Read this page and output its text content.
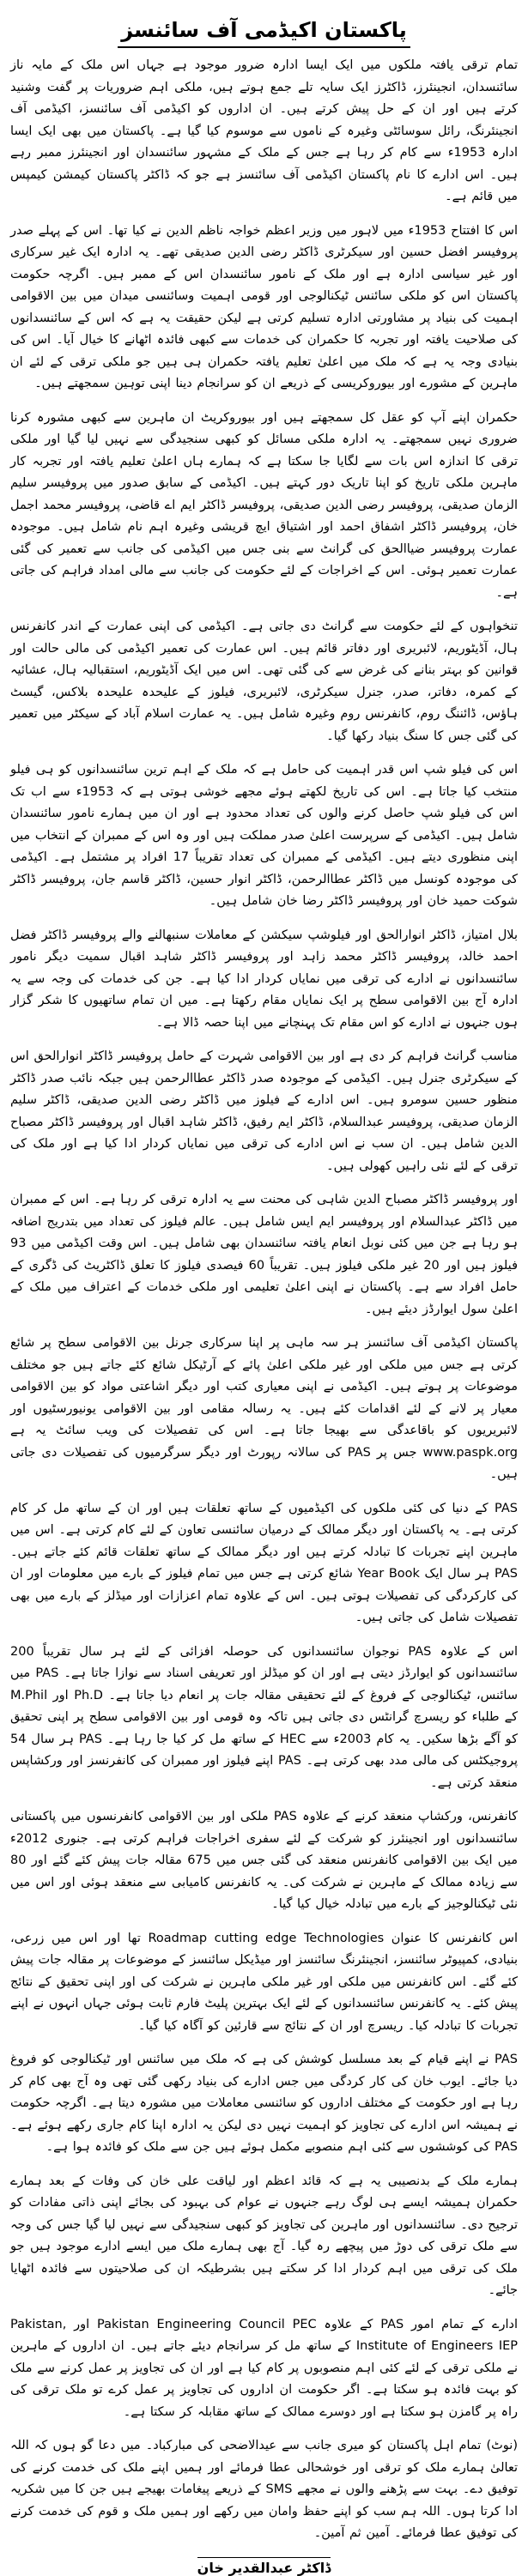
پاکستان اکیڈمی آف سائنسز

تمام ترقی یافتہ ملکوں میں ایک ایسا ادارہ ضرور موجود ہے جہاں اس ملک کے مایہ ناز سائنسدان، انجینئرز، ڈاکٹرز ایک سایہ تلے جمع ہوتے ہیں، ملکی اہم ضروریات پر گفت وشنید کرتے ہیں اور ان کے حل پیش کرتے ہیں۔ ان اداروں کو اکیڈمی آف سائنسز، اکیڈمی آف انجینئرنگ، رائل سوسائٹی وغیرہ کے ناموں سے موسوم کیا گیا ہے۔ پاکستان میں بھی ایک ایسا ادارہ 1953ء سے کام کر رہا ہے جس کے ملک کے مشہور سائنسدان اور انجینئرز ممبر رہے ہیں۔ اس ادارے کا نام پاکستان اکیڈمی آف سائنسز ہے جو کہ ڈاکٹر پاکستان کیمشن کیمپس میں قائم ہے۔

اس کا افتتاح 1953ء میں لاہور میں وزیر اعظم خواجہ ناظم الدین نے کیا تھا۔ اس کے پہلے صدر پروفیسر افضل حسین اور سیکرٹری ڈاکٹر رضی الدین صدیقی تھے۔ یہ ادارہ ایک غیر سرکاری اور غیر سیاسی ادارہ ہے اور ملک کے نامور سائنسدان اس کے ممبر ہیں۔ اگرچہ حکومت پاکستان اس کو ملکی سائنس ٹیکنالوجی اور قومی اہمیت وسائنسی میدان میں بین الاقوامی اہمیت کی بنیاد پر مشاورتی ادارہ تسلیم کرتی ہے لیکن حقیقت یہ ہے کہ اس کے سائنسدانوں کی صلاحیت یافتہ اور تجربہ کا حکمران کی خدمات سے کبھی فائدہ اٹھانے کا خیال آیا۔ اس کی بنیادی وجہ یہ ہے کہ ملک میں اعلیٰ تعلیم یافتہ حکمران ہی ہیں جو ملکی ترقی کے لئے ان ماہرین کے مشورے اور بیوروکریسی کے ذریعے ان کو سرانجام دینا اپنی توہین سمجھتے ہیں۔

حکمران اپنے آپ کو عقل کل سمجھتے ہیں اور بیوروکریٹ ان ماہرین سے کبھی مشورہ کرنا ضروری نہیں سمجھتے۔ یہ ادارہ ملکی مسائل کو کبھی سنجیدگی سے نہیں لیا گیا اور ملکی ترقی کا اندازہ اس بات سے لگایا جا سکتا ہے کہ ہمارے ہاں اعلیٰ تعلیم یافتہ اور تجربہ کار ماہرین ملکی تاریخ کو اپنا تاریک دور کہتے ہیں۔ اکیڈمی کے سابق صدور میں پروفیسر سلیم الزمان صدیقی، پروفیسر رضی الدین صدیقی، پروفیسر ڈاکٹر ایم اے قاضی، پروفیسر محمد اجمل خان، پروفیسر ڈاکٹر اشفاق احمد اور اشتیاق ایچ قریشی وغیرہ اہم نام شامل ہیں۔ موجودہ عمارت پروفیسر ضیاالحق کی گرانٹ سے بنی جس میں اکیڈمی کی جانب سے تعمیر کی گئی عمارت تعمیر ہوئی۔ اس کے اخراجات کے لئے حکومت کی جانب سے مالی امداد فراہم کی جاتی ہے۔

تنخواہوں کے لئے حکومت سے گرانٹ دی جاتی ہے۔ اکیڈمی کی اپنی عمارت کے اندر کانفرنس ہال، آڈیٹوریم، لائبریری اور دفاتر قائم ہیں۔ اس عمارت کی تعمیر اکیڈمی کی مالی حالت اور قوانین کو بہتر بنانے کی غرض سے کی گئی تھی۔ اس میں ایک آڈیٹوریم، استقبالیہ ہال، عشائیہ کے کمرہ، دفاتر، صدر، جنرل سیکرٹری، لائبریری، فیلوز کے علیحدہ علیحدہ بلاکس، گیسٹ ہاؤس، ڈائننگ روم، کانفرنس روم وغیرہ شامل ہیں۔ یہ عمارت اسلام آباد کے سیکٹر میں تعمیر کی گئی جس کا سنگ بنیاد رکھا گیا۔

اس کی فیلو شپ اس قدر اہمیت کی حامل ہے کہ ملک کے اہم ترین سائنسدانوں کو ہی فیلو منتخب کیا جاتا ہے۔ اس کی تاریخ لکھتے ہوئے مجھے خوشی ہوتی ہے کہ 1953ء سے اب تک اس کی فیلو شپ حاصل کرنے والوں کی تعداد محدود ہے اور ان میں ہمارے نامور سائنسدان شامل ہیں۔ اکیڈمی کے سرپرست اعلیٰ صدر مملکت ہیں اور وہ اس کے ممبران کے انتخاب میں اپنی منظوری دیتے ہیں۔ اکیڈمی کے ممبران کی تعداد تقریباً 17 افراد پر مشتمل ہے۔ اکیڈمی کی موجودہ کونسل میں ڈاکٹر عطاالرحمن، ڈاکٹر انوار حسین، ڈاکٹر قاسم جان، پروفیسر ڈاکٹر شوکت حمید خان اور پروفیسر ڈاکٹر رضا خان شامل ہیں۔

بلال امتیاز، ڈاکٹر انوارالحق اور فیلوشپ سیکشن کے معاملات سنبھالنے والے پروفیسر ڈاکٹر فضل احمد خالد، پروفیسر ڈاکٹر محمد زاہد اور پروفیسر ڈاکٹر شاہد اقبال سمیت دیگر نامور سائنسدانوں نے ادارے کی ترقی میں نمایاں کردار ادا کیا ہے۔ جن کی خدمات کی وجہ سے یہ ادارہ آج بین الاقوامی سطح پر ایک نمایاں مقام رکھتا ہے۔ میں ان تمام ساتھیوں کا شکر گزار ہوں جنہوں نے ادارے کو اس مقام تک پہنچانے میں اپنا حصہ ڈالا ہے۔

مناسب گرانٹ فراہم کر دی ہے اور بین الاقوامی شہرت کے حامل پروفیسر ڈاکٹر انوارالحق اس کے سیکرٹری جنرل ہیں۔ اکیڈمی کے موجودہ صدر ڈاکٹر عطاالرحمن ہیں جبکہ نائب صدر ڈاکٹر منظور حسین سومرو ہیں۔ اس ادارے کے فیلوز میں ڈاکٹر رضی الدین صدیقی، ڈاکٹر سلیم الزمان صدیقی، پروفیسر عبدالسلام، ڈاکٹر ایم رفیق، ڈاکٹر شاہد اقبال اور پروفیسر ڈاکٹر مصباح الدین شامل ہیں۔ ان سب نے اس ادارے کی ترقی میں نمایاں کردار ادا کیا ہے اور ملک کی ترقی کے لئے نئی راہیں کھولی ہیں۔

اور پروفیسر ڈاکٹر مصباح الدین شاہی کی محنت سے یہ ادارہ ترقی کر رہا ہے۔ اس کے ممبران میں ڈاکٹر عبدالسلام اور پروفیسر ایم ایس شامل ہیں۔ عالم فیلوز کی تعداد میں بتدریج اضافہ ہو رہا ہے جن میں کئی نوبل انعام یافتہ سائنسدان بھی شامل ہیں۔ اس وقت اکیڈمی میں 93 فیلوز ہیں اور 20 غیر ملکی فیلوز ہیں۔ تقریباً 60 فیصدی فیلوز کا تعلق ڈاکٹریٹ کی ڈگری کے حامل افراد سے ہے۔ پاکستان نے اپنی اعلیٰ تعلیمی اور ملکی خدمات کے اعتراف میں ملک کے اعلیٰ سول ایوارڈز دیئے ہیں۔

پاکستان اکیڈمی آف سائنسز ہر سہ ماہی پر اپنا سرکاری جرنل بین الاقوامی سطح پر شائع کرتی ہے جس میں ملکی اور غیر ملکی اعلیٰ پائے کے آرٹیکل شائع کئے جاتے ہیں جو مختلف موضوعات پر ہوتے ہیں۔ اکیڈمی نے اپنی معیاری کتب اور دیگر اشاعتی مواد کو بین الاقوامی معیار پر لانے کے لئے اقدامات کئے ہیں۔ یہ رسالہ مقامی اور بین الاقوامی یونیورسٹیوں اور لائبریریوں کو باقاعدگی سے بھیجا جاتا ہے۔ اس کی تفصیلات کی ویب سائٹ یہ ہے www.paspk.org جس پر PAS کی سالانہ رپورٹ اور دیگر سرگرمیوں کی تفصیلات دی جاتی ہیں۔

PAS کے دنیا کی کئی ملکوں کی اکیڈمیوں کے ساتھ تعلقات ہیں اور ان کے ساتھ مل کر کام کرتی ہے۔ یہ پاکستان اور دیگر ممالک کے درمیان سائنسی تعاون کے لئے کام کرتی ہے۔ اس میں ماہرین اپنے تجربات کا تبادلہ کرتے ہیں اور دیگر ممالک کے ساتھ تعلقات قائم کئے جاتے ہیں۔ PAS ہر سال ایک Year Book شائع کرتی ہے جس میں تمام فیلوز کے بارے میں معلومات اور ان کی کارکردگی کی تفصیلات ہوتی ہیں۔ اس کے علاوہ تمام اعزازات اور میڈلز کے بارے میں بھی تفصیلات شامل کی جاتی ہیں۔

اس کے علاوہ PAS نوجوان سائنسدانوں کی حوصلہ افزائی کے لئے ہر سال تقریباً 200 سائنسدانوں کو ایوارڈز دیتی ہے اور ان کو میڈلز اور تعریفی اسناد سے نوازا جاتا ہے۔ PAS میں سائنس، ٹیکنالوجی کے فروغ کے لئے تحقیقی مقالہ جات پر انعام دیا جاتا ہے۔ Ph.D اور M.Phil کے طلباء کو ریسرچ گرانٹس دی جاتی ہیں تاکہ وہ قومی اور بین الاقوامی سطح پر اپنی تحقیق کو آگے بڑھا سکیں۔ یہ کام 2003ء سے HEC کے ساتھ مل کر کیا جا رہا ہے۔ PAS ہر سال 54 پروجیکٹس کی مالی مدد بھی کرتی ہے۔ PAS اپنے فیلوز اور ممبران کی کانفرنسز اور ورکشاپس منعقد کرتی ہے۔

کانفرنس، ورکشاپ منعقد کرنے کے علاوہ PAS ملکی اور بین الاقوامی کانفرنسوں میں پاکستانی سائنسدانوں اور انجینئرز کو شرکت کے لئے سفری اخراجات فراہم کرتی ہے۔ جنوری 2012ء میں ایک بین الاقوامی کانفرنس منعقد کی گئی جس میں 675 مقالہ جات پیش کئے گئے اور 80 سے زیادہ ممالک کے ماہرین نے شرکت کی۔ یہ کانفرنس کامیابی سے منعقد ہوئی اور اس میں نئی ٹیکنالوجیز کے بارے میں تبادلہ خیال کیا گیا۔

اس کانفرنس کا عنوان Roadmap cutting edge Technologies تھا اور اس میں زرعی، بنیادی، کمپیوٹر سائنسز، انجینئرنگ سائنسز اور میڈیکل سائنسز کے موضوعات پر مقالہ جات پیش کئے گئے۔ اس کانفرنس میں ملکی اور غیر ملکی ماہرین نے شرکت کی اور اپنی تحقیق کے نتائج پیش کئے۔ یہ کانفرنس سائنسدانوں کے لئے ایک بہترین پلیٹ فارم ثابت ہوئی جہاں انہوں نے اپنے تجربات کا تبادلہ کیا۔ ریسرچ اور ان کے نتائج سے قارئین کو آگاہ کیا گیا۔

PAS نے اپنے قیام کے بعد مسلسل کوشش کی ہے کہ ملک میں سائنس اور ٹیکنالوجی کو فروغ دیا جائے۔ ایوب خان کی کار کردگی میں جس ادارے کی بنیاد رکھی گئی تھی وہ آج بھی کام کر رہا ہے اور حکومت کے مختلف اداروں کو سائنسی معاملات میں مشورہ دیتا ہے۔ اگرچہ حکومت نے ہمیشہ اس ادارے کی تجاویز کو اہمیت نہیں دی لیکن یہ ادارہ اپنا کام جاری رکھے ہوئے ہے۔ PAS کی کوششوں سے کئی اہم منصوبے مکمل ہوئے ہیں جن سے ملک کو فائدہ ہوا ہے۔

ہمارے ملک کے بدنصیبی یہ ہے کہ قائد اعظم اور لیاقت علی خان کی وفات کے بعد ہمارے حکمران ہمیشہ ایسے ہی لوگ رہے جنہوں نے عوام کی بہبود کی بجائے اپنی ذاتی مفادات کو ترجیح دی۔ سائنسدانوں اور ماہرین کی تجاویز کو کبھی سنجیدگی سے نہیں لیا گیا جس کی وجہ سے ملک ترقی کی دوڑ میں پیچھے رہ گیا۔ آج بھی ہمارے ملک میں ایسے ادارے موجود ہیں جو ملک کی ترقی میں اہم کردار ادا کر سکتے ہیں بشرطیکہ ان کی صلاحیتوں سے فائدہ اٹھایا جائے۔

ادارے کے تمام امور PAS کے علاوہ Pakistan Engineering Council PEC اور Pakistan, Institute of Engineers IEP کے ساتھ مل کر سرانجام دیئے جاتے ہیں۔ ان اداروں کے ماہرین نے ملکی ترقی کے لئے کئی اہم منصوبوں پر کام کیا ہے اور ان کی تجاویز پر عمل کرنے سے ملک کو بہت فائدہ ہو سکتا ہے۔ اگر حکومت ان اداروں کی تجاویز پر عمل کرے تو ملک ترقی کی راہ پر گامزن ہو سکتا ہے اور دوسرے ممالک کے ساتھ مقابلہ کر سکتا ہے۔

(نوٹ) تمام اہل پاکستان کو میری جانب سے عیدالاضحی کی مبارکباد۔ میں دعا گو ہوں کہ اللہ تعالیٰ ہمارے ملک کو ترقی اور خوشحالی عطا فرمائے اور ہمیں اپنے ملک کی خدمت کرنے کی توفیق دے۔ بہت سے پڑھنے والوں نے مجھے SMS کے ذریعے پیغامات بھیجے ہیں جن کا میں شکریہ ادا کرتا ہوں۔ اللہ ہم سب کو اپنے حفظ وامان میں رکھے اور ہمیں ملک و قوم کی خدمت کرنے کی توفیق عطا فرمائے۔ آمین ثم آمین۔

ڈاکٹر عبدالقدیر خان
